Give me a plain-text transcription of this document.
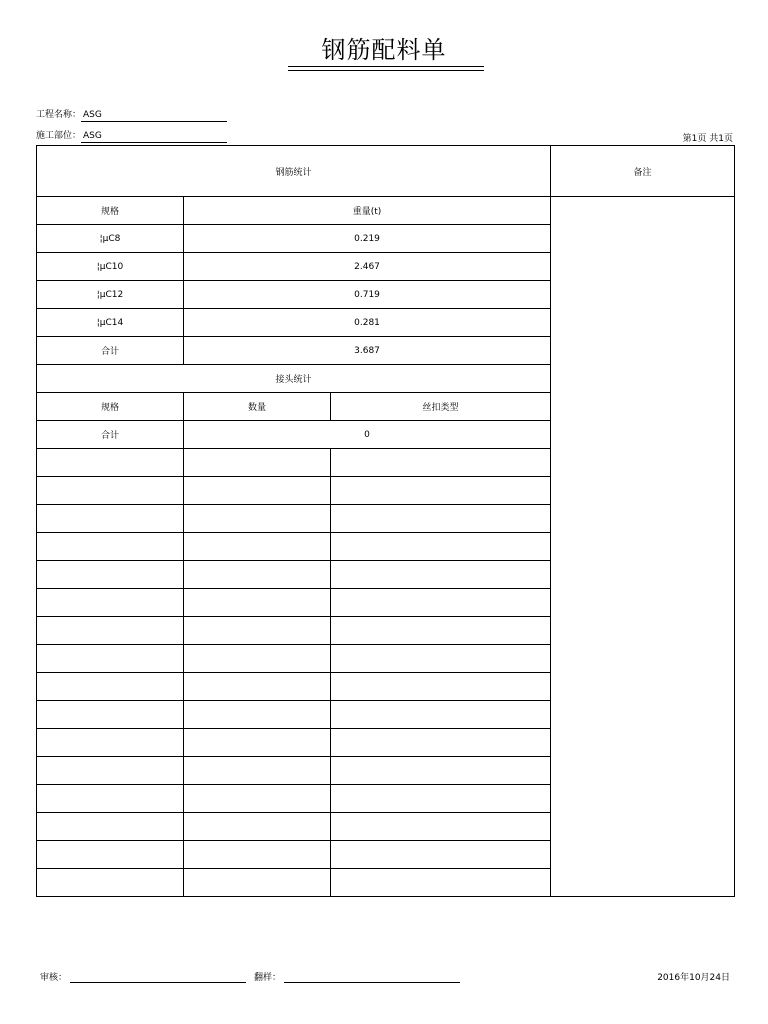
钢筋配料单
工程名称： ASG
施工部位： ASG	第1页 共1页
钢筋统计			备注
规格	重量(t)		
¦μC8	0.219		
¦μC10	2.467		
¦μC12	0.719		
¦μC14	0.281		
合计	3.687		
接头统计			
规格	数量	丝扣类型	
合计	0		

审核：	翻样：	2016年10月24日
